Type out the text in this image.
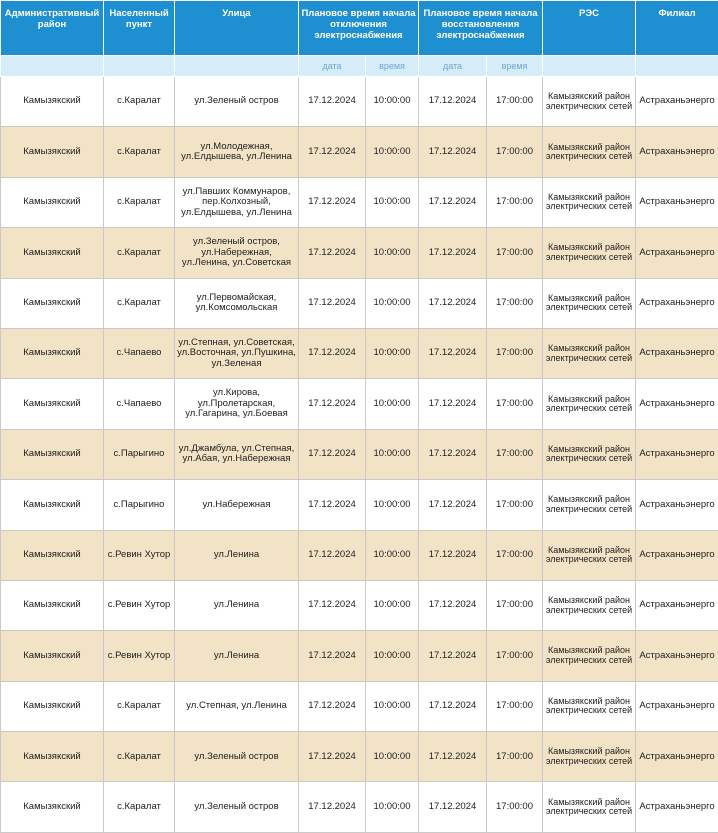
Административный район	Населенный пункт	Улица	Плановое время начала отключения электроснабжения		Плановое время начала восстановления электроснабжения		РЭС	Филиал
			дата	время	дата	время		
Камызякский	с.Каралат	ул.Зеленый остров	17.12.2024	10:00:00	17.12.2024	17:00:00	Камызякский район электрических сетей	Астраханьэнерго
Камызякский	с.Каралат	ул.Молодежная, ул.Елдышева, ул.Ленина	17.12.2024	10:00:00	17.12.2024	17:00:00	Камызякский район электрических сетей	Астраханьэнерго
Камызякский	с.Каралат	ул.Павших Коммунаров, пер.Колхозный, ул.Елдышева, ул.Ленина	17.12.2024	10:00:00	17.12.2024	17:00:00	Камызякский район электрических сетей	Астраханьэнерго
Камызякский	с.Каралат	ул.Зеленый остров, ул.Набережная, ул.Ленина, ул.Советская	17.12.2024	10:00:00	17.12.2024	17:00:00	Камызякский район электрических сетей	Астраханьэнерго
Камызякский	с.Каралат	ул.Первомайская, ул.Комсомольская	17.12.2024	10:00:00	17.12.2024	17:00:00	Камызякский район электрических сетей	Астраханьэнерго
Камызякский	с.Чапаево	ул.Степная, ул.Советская, ул.Восточная, ул.Пушкина, ул.Зеленая	17.12.2024	10:00:00	17.12.2024	17:00:00	Камызякский район электрических сетей	Астраханьэнерго
Камызякский	с.Чапаево	ул.Кирова, ул.Пролетарская, ул.Гагарина, ул.Боевая	17.12.2024	10:00:00	17.12.2024	17:00:00	Камызякский район электрических сетей	Астраханьэнерго
Камызякский	с.Парыгино	ул.Джамбула, ул.Степная, ул.Абая, ул.Набережная	17.12.2024	10:00:00	17.12.2024	17:00:00	Камызякский район электрических сетей	Астраханьэнерго
Камызякский	с.Парыгино	ул.Набережная	17.12.2024	10:00:00	17.12.2024	17:00:00	Камызякский район электрических сетей	Астраханьэнерго
Камызякский	с.Ревин Хутор	ул.Ленина	17.12.2024	10:00:00	17.12.2024	17:00:00	Камызякский район электрических сетей	Астраханьэнерго
Камызякский	с.Ревин Хутор	ул.Ленина	17.12.2024	10:00:00	17.12.2024	17:00:00	Камызякский район электрических сетей	Астраханьэнерго
Камызякский	с.Ревин Хутор	ул.Ленина	17.12.2024	10:00:00	17.12.2024	17:00:00	Камызякский район электрических сетей	Астраханьэнерго
Камызякский	с.Каралат	ул.Степная, ул.Ленина	17.12.2024	10:00:00	17.12.2024	17:00:00	Камызякский район электрических сетей	Астраханьэнерго
Камызякский	с.Каралат	ул.Зеленый остров	17.12.2024	10:00:00	17.12.2024	17:00:00	Камызякский район электрических сетей	Астраханьэнерго
Камызякский	с.Каралат	ул.Зеленый остров	17.12.2024	10:00:00	17.12.2024	17:00:00	Камызякский район электрических сетей	Астраханьэнерго
